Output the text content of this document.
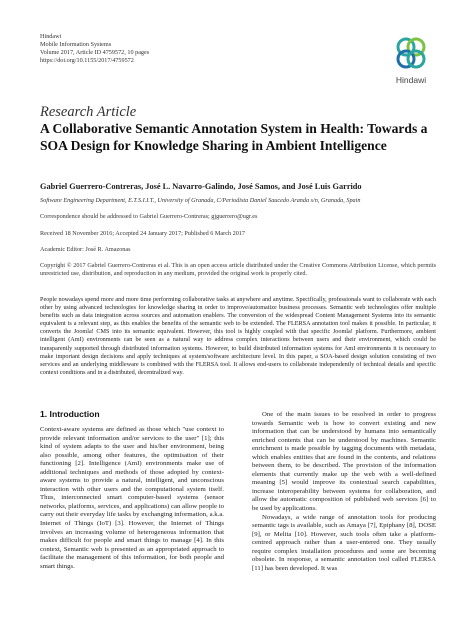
Hindawi
Mobile Information Systems
Volume 2017, Article ID 4759572, 10 pages
https://doi.org/10.1155/2017/4759572
Hindawi
Research Article
A Collaborative Semantic Annotation System in Health: Towards a SOA Design for Knowledge Sharing in Ambient Intelligence
Gabriel Guerrero-Contreras, José L. Navarro-Galindo, José Samos, and José Luis Garrido
Software Engineering Department, E.T.S.I.I.T., University of Granada, C/Periodista Daniel Saucedo Aranda s/n, Granada, Spain
Correspondence should be addressed to Gabriel Guerrero-Contreras; gjguerrero@ugr.es
Received 18 November 2016; Accepted 24 January 2017; Published 6 March 2017
Academic Editor: José R. Amazonas
Copyright © 2017 Gabriel Guerrero-Contreras et al. This is an open access article distributed under the Creative Commons Attribution License, which permits unrestricted use, distribution, and reproduction in any medium, provided the original work is properly cited.
People nowadays spend more and more time performing collaborative tasks at anywhere and anytime. Specifically, professionals want to collaborate with each other by using advanced technologies for knowledge sharing in order to improve/automatize business processes. Semantic web technologies offer multiple benefits such as data integration across sources and automation enablers. The conversion of the widespread Content Management Systems into its semantic equivalent is a relevant step, as this enables the benefits of the semantic web to be extended. The FLERSA annotation tool makes it possible. In particular, it converts the Joomla! CMS into its semantic equivalent. However, this tool is highly coupled with that specific Joomla! platform. Furthermore, ambient intelligent (AmI) environments can be seen as a natural way to address complex interactions between users and their environment, which could be transparently supported through distributed information systems. However, to build distributed information systems for AmI environments it is necessary to make important design decisions and apply techniques at system/software architecture level. In this paper, a SOA-based design solution consisting of two services and an underlying middleware is combined with the FLERSA tool. It allows end-users to collaborate independently of technical details and specific context conditions and in a distributed, decentralized way.
1. Introduction

Context-aware systems are defined as those which "use context to provide relevant information and/or services to the user" [1]; this kind of system adapts to the user and his/her environment, being also possible, among other features, the optimisation of their functioning [2]. Intelligence (AmI) environments make use of additional techniques and methods of those adopted by context-aware systems to provide a natural, intelligent, and unconscious interaction with other users and the computational system itself. Thus, interconnected smart computer-based systems (sensor networks, platforms, services, and applications) can allow people to carry out their everyday life tasks by exchanging information, a.k.a. Internet of Things (IoT) [3]. However, the Internet of Things involves an increasing volume of heterogeneous information that makes difficult for people and smart things to manage [4]. In this context, Semantic web is presented as an appropriated approach to facilitate the management of this information, for both people and smart things.

One of the main issues to be resolved in order to progress towards Semantic web is how to convert existing and new information that can be understood by humans into semantically enriched contents that can be understood by machines. Semantic enrichment is made possible by tagging documents with metadata, which enables entities that are found in the contents, and relations between them, to be described. The provision of the information elements that currently make up the web with a well-defined meaning [5] would improve its contextual search capabilities, increase interoperability between systems for collaboration, and allow the automatic composition of published web services [6] to be used by applications.

Nowadays, a wide range of annotation tools for producing semantic tags is available, such as Amaya [7], Epiphany [8], DOSE [9], or Melita [10]. However, such tools often take a platform-centred approach rather than a user-entered one. They usually require complex installation procedures and some are becoming obsolete. In response, a semantic annotation tool called FLERSA [11] has been developed. It was
